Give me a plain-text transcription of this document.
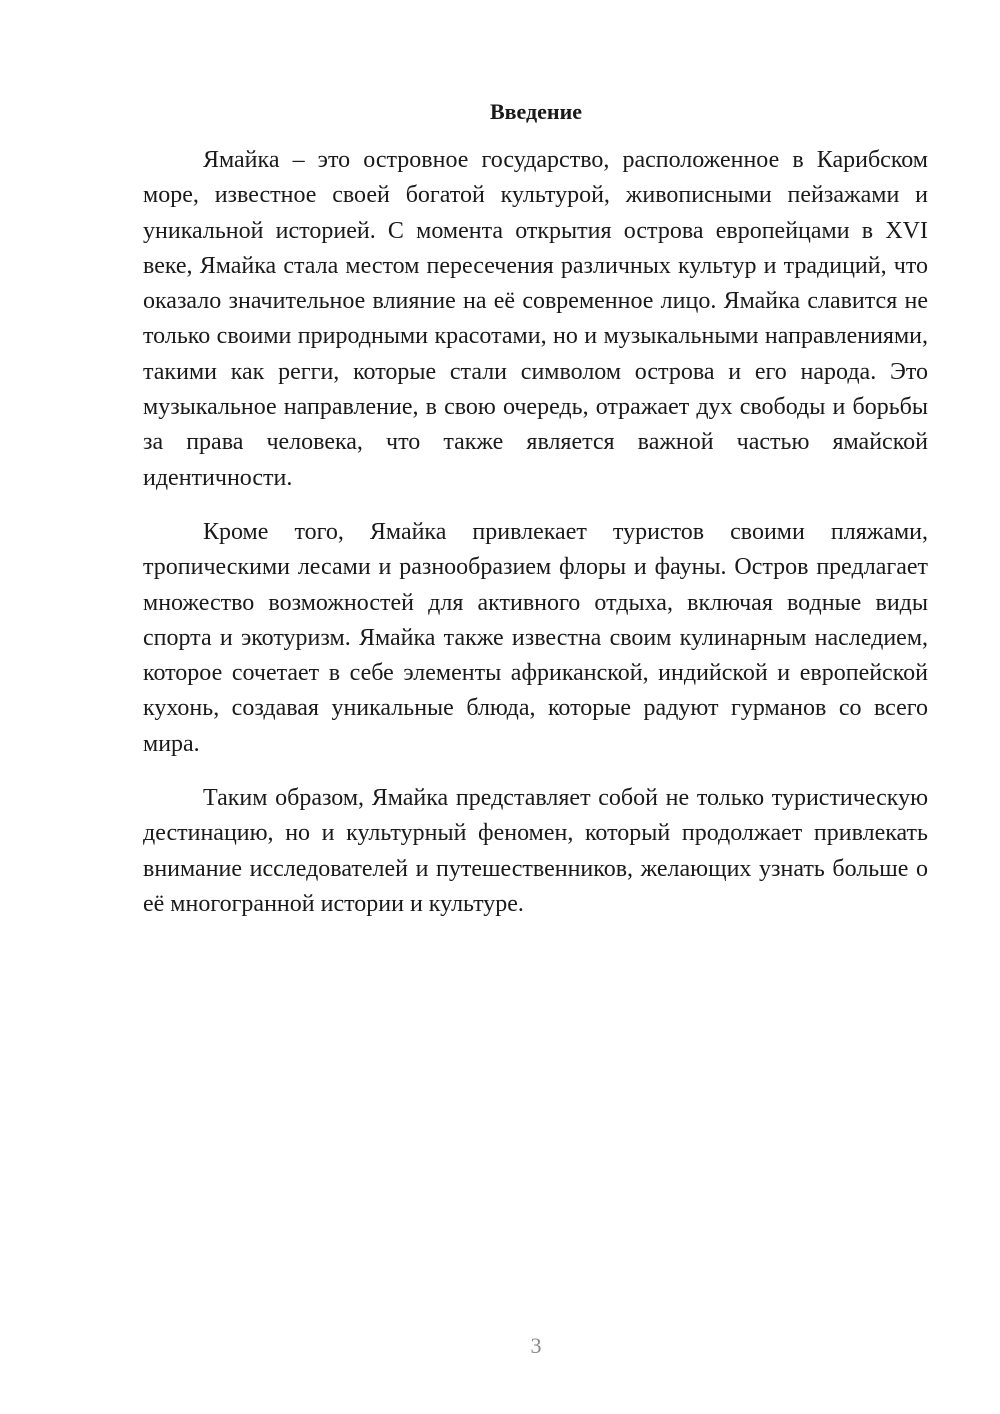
Введение

Ямайка – это островное государство, расположенное в Карибском море, известное своей богатой культурой, живописными пейзажами и уникальной историей. С момента открытия острова европейцами в XVI веке, Ямайка стала местом пересечения различных культур и традиций, что оказало значительное влияние на её современное лицо. Ямайка славится не только своими природными красотами, но и музыкальными направлениями, такими как регги, которые стали символом острова и его народа. Это музыкальное направление, в свою очередь, отражает дух свободы и борьбы за права человека, что также является важной частью ямайской идентичности.

Кроме того, Ямайка привлекает туристов своими пляжами, тропическими лесами и разнообразием флоры и фауны. Остров предлагает множество возможностей для активного отдыха, включая водные виды спорта и экотуризм. Ямайка также известна своим кулинарным наследием, которое сочетает в себе элементы африканской, индийской и европейской кухонь, создавая уникальные блюда, которые радуют гурманов со всего мира.

Таким образом, Ямайка представляет собой не только туристическую дестинацию, но и культурный феномен, который продолжает привлекать внимание исследователей и путешественников, желающих узнать больше о её многогранной истории и культуре.

3
